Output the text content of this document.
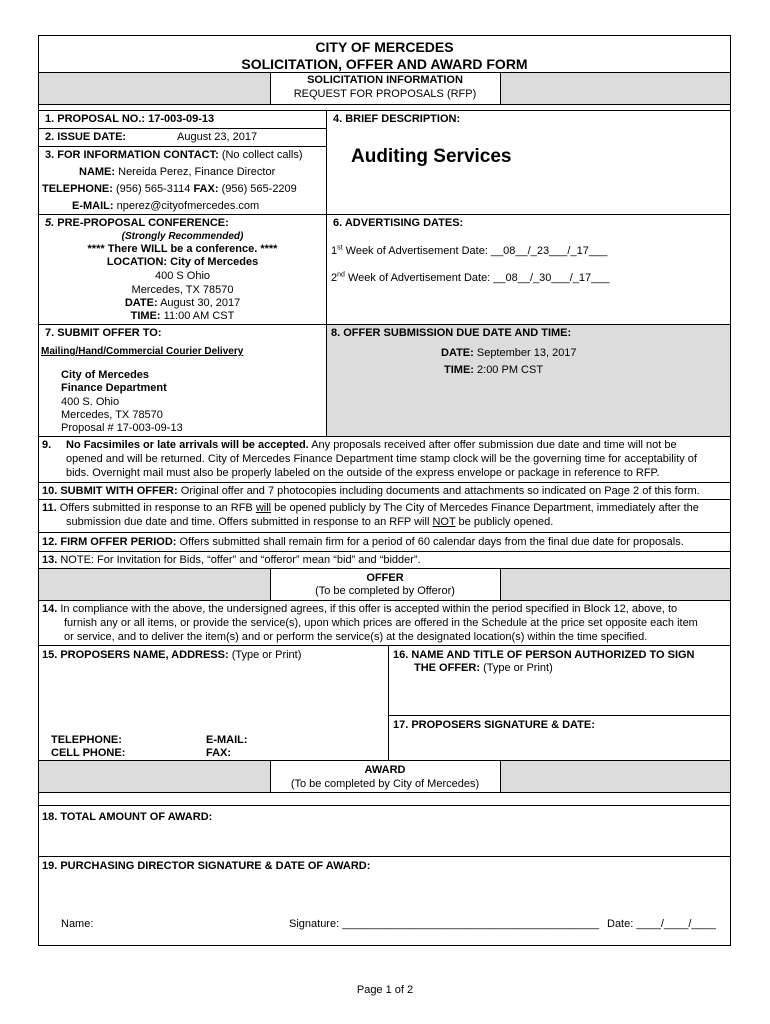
CITY OF MERCEDES
SOLICITATION, OFFER AND AWARD FORM
SOLICITATION INFORMATION
REQUEST FOR PROPOSALS (RFP)
1. PROPOSAL NO.: 17-003-09-13
2. ISSUE DATE:	August 23, 2017
3. FOR INFORMATION CONTACT: (No collect calls)
NAME: Nereida Perez, Finance Director
TELEPHONE: (956) 565-3114 FAX: (956) 565-2209
E-MAIL: nperez@cityofmercedes.com
4. BRIEF DESCRIPTION:
Auditing Services
5. PRE-PROPOSAL CONFERENCE:
(Strongly Recommended)
**** There WILL be a conference. ****
LOCATION: City of Mercedes
400 S Ohio
Mercedes, TX 78570
DATE: August 30, 2017
TIME: 11:00 AM CST
6. ADVERTISING DATES:
1st Week of Advertisement Date: __08__/_23___/_17___
2nd Week of Advertisement Date: __08__/_30___/_17___
7. SUBMIT OFFER TO:
Mailing/Hand/Commercial Courier Delivery
City of Mercedes
Finance Department
400 S. Ohio
Mercedes, TX 78570
Proposal # 17-003-09-13
8. OFFER SUBMISSION DUE DATE AND TIME:
DATE: September 13, 2017
TIME: 2:00 PM CST
9. No Facsimiles or late arrivals will be accepted. Any proposals received after offer submission due date and time will not be
opened and will be returned. City of Mercedes Finance Department time stamp clock will be the governing time for acceptability of
bids. Overnight mail must also be properly labeled on the outside of the express envelope or package in reference to RFP.
10. SUBMIT WITH OFFER: Original offer and 7 photocopies including documents and attachments so indicated on Page 2 of this form.
11. Offers submitted in response to an RFB will be opened publicly by The City of Mercedes Finance Department, immediately after the
submission due date and time. Offers submitted in response to an RFP will NOT be publicly opened.
12. FIRM OFFER PERIOD: Offers submitted shall remain firm for a period of 60 calendar days from the final due date for proposals.
13. NOTE: For Invitation for Bids, “offer” and “offeror” mean “bid” and “bidder”.
OFFER
(To be completed by Offeror)
14. In compliance with the above, the undersigned agrees, if this offer is accepted within the period specified in Block 12, above, to
furnish any or all items, or provide the service(s), upon which prices are offered in the Schedule at the price set opposite each item
or service, and to deliver the item(s) and or perform the service(s) at the designated location(s) within the time specified.
15. PROPOSERS NAME, ADDRESS: (Type or Print)
TELEPHONE:
CELL PHONE:
E-MAIL:
FAX:
16. NAME AND TITLE OF PERSON AUTHORIZED TO SIGN
THE OFFER: (Type or Print)
17. PROPOSERS SIGNATURE & DATE:
AWARD
(To be completed by City of Mercedes)
18. TOTAL AMOUNT OF AWARD:
19. PURCHASING DIRECTOR SIGNATURE & DATE OF AWARD:
Name:	Signature: __________________________________________ Date: ____/____/____
Page 1 of 2
